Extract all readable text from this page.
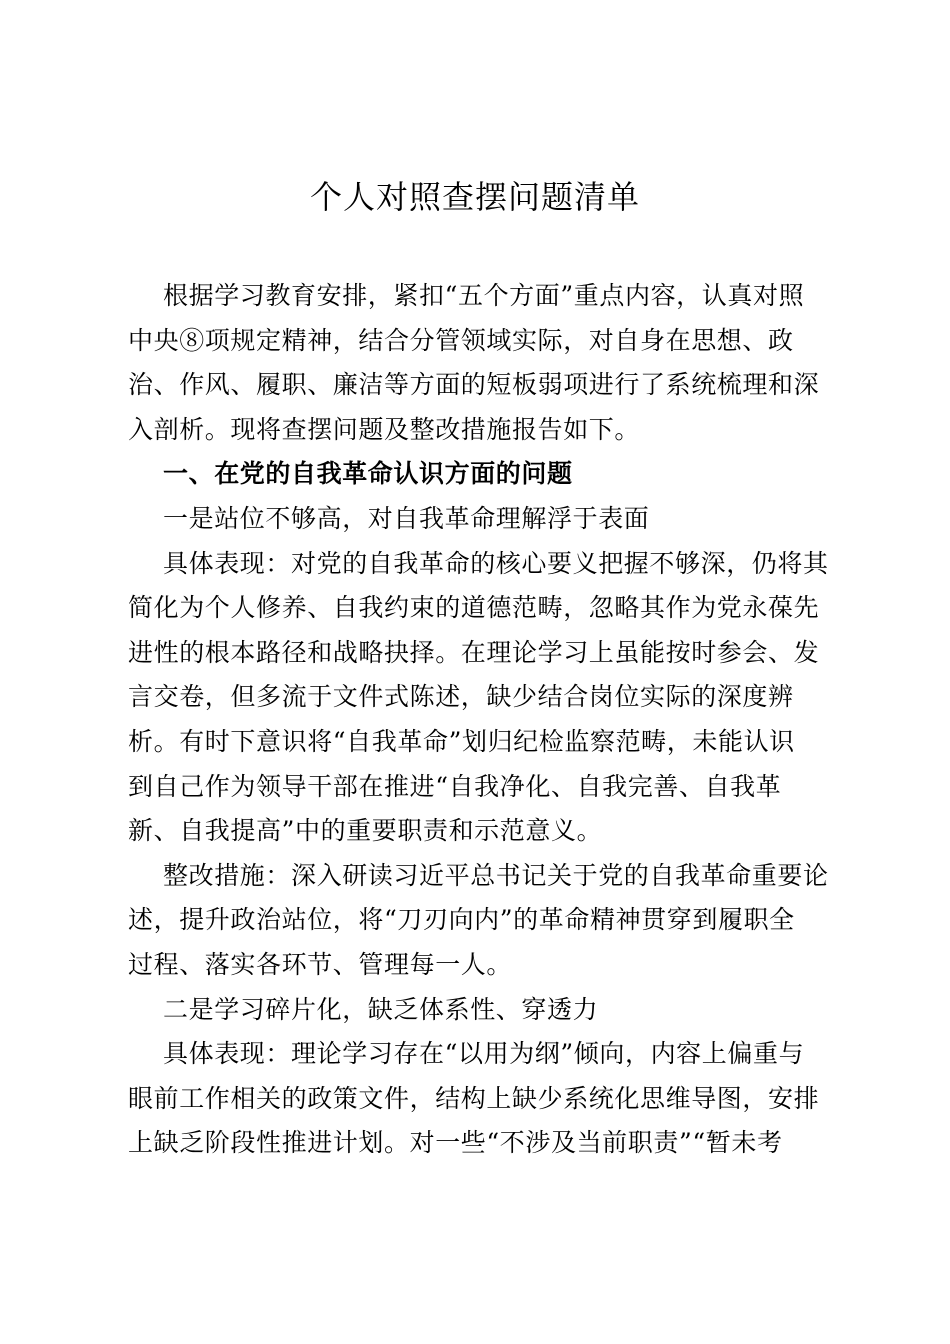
个人对照查摆问题清单
根据学习教育安排，紧扣“五个方面”重点内容，认真对照
中央⑧项规定精神，结合分管领域实际，对自身在思想、政
治、作风、履职、廉洁等方面的短板弱项进行了系统梳理和深
入剖析。现将查摆问题及整改措施报告如下。
一、在党的自我革命认识方面的问题
一是站位不够高，对自我革命理解浮于表面
具体表现：对党的自我革命的核心要义把握不够深，仍将其
简化为个人修养、自我约束的道德范畴，忽略其作为党永葆先
进性的根本路径和战略抉择。在理论学习上虽能按时参会、发
言交卷，但多流于文件式陈述，缺少结合岗位实际的深度辨
析。有时下意识将“自我革命”划归纪检监察范畴，未能认识
到自己作为领导干部在推进“自我净化、自我完善、自我革
新、自我提高”中的重要职责和示范意义。
整改措施：深入研读习近平总书记关于党的自我革命重要论
述，提升政治站位，将“刀刃向内”的革命精神贯穿到履职全
过程、落实各环节、管理每一人。
二是学习碎片化，缺乏体系性、穿透力
具体表现：理论学习存在“以用为纲”倾向，内容上偏重与
眼前工作相关的政策文件，结构上缺少系统化思维导图，安排
上缺乏阶段性推进计划。对一些“不涉及当前职责”“暂未考
